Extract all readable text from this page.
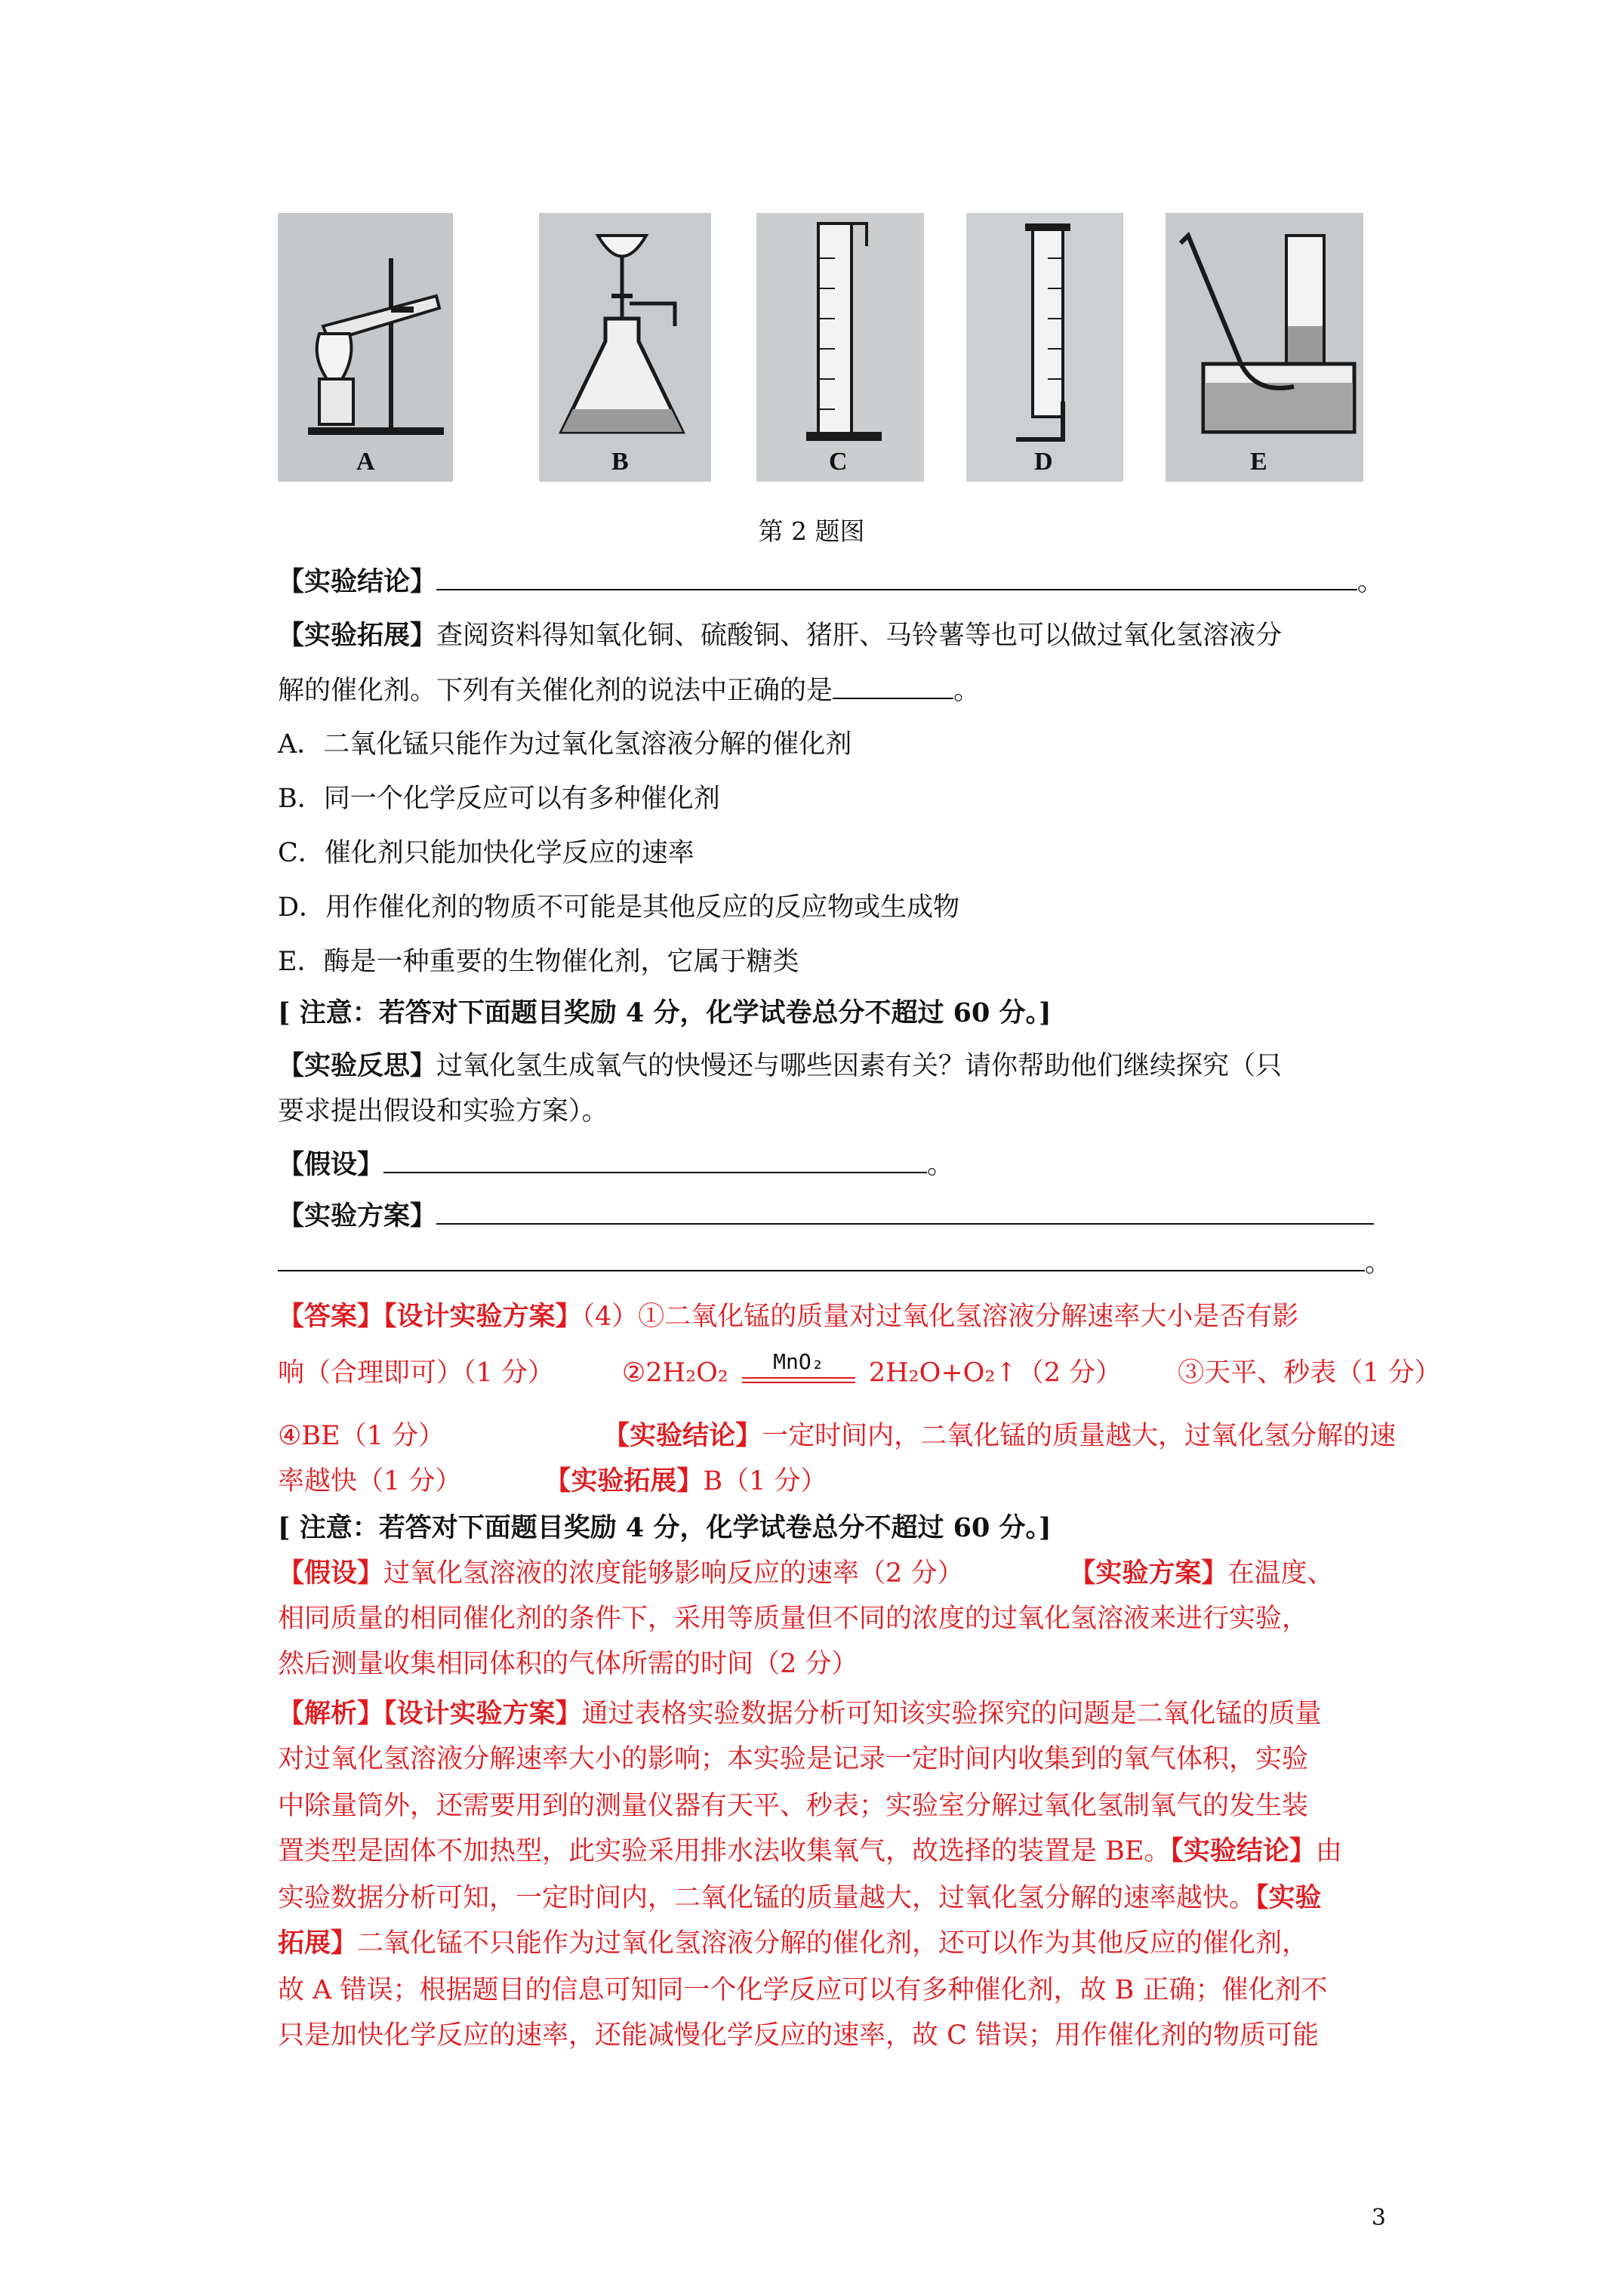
A	B	C	D	E
第 2 题图
【实验结论】	。
【实验拓展】查阅资料得知氧化铜、硫酸铜、猪肝、马铃薯等也可以做过氧化氢溶液分
解的催化剂。下列有关催化剂的说法中正确的是	。
A．二氧化锰只能作为过氧化氢溶液分解的催化剂
B．同一个化学反应可以有多种催化剂
C．催化剂只能加快化学反应的速率
D．用作催化剂的物质不可能是其他反应的反应物或生成物
E．酶是一种重要的生物催化剂，它属于糖类
[ 注意：若答对下面题目奖励 4 分，化学试卷总分不超过 60 分。]
【实验反思】过氧化氢生成氧气的快慢还与哪些因素有关？请你帮助他们继续探究（只
要求提出假设和实验方案）。
【假设】	。
【实验方案】
。
【答案】【设计实验方案】（4）①二氧化锰的质量对过氧化氢溶液分解速率大小是否有影
响（合理即可）（1 分）	②2H₂O₂	MnO₂	2H₂O+O₂↑（2 分） ③天平、秒表（1 分）
④BE（1 分）	【实验结论】一定时间内，二氧化锰的质量越大，过氧化氢分解的速
率越快（1 分）	【实验拓展】B（1 分）
[ 注意：若答对下面题目奖励 4 分，化学试卷总分不超过 60 分。]
【假设】过氧化氢溶液的浓度能够影响反应的速率（2 分）	【实验方案】在温度、
相同质量的相同催化剂的条件下，采用等质量但不同的浓度的过氧化氢溶液来进行实验，
然后测量收集相同体积的气体所需的时间（2 分）
【解析】【设计实验方案】通过表格实验数据分析可知该实验探究的问题是二氧化锰的质量
对过氧化氢溶液分解速率大小的影响；本实验是记录一定时间内收集到的氧气体积，实验
中除量筒外，还需要用到的测量仪器有天平、秒表；实验室分解过氧化氢制氧气的发生装
置类型是固体不加热型，此实验采用排水法收集氧气，故选择的装置是 BE。【实验结论】由
实验数据分析可知，一定时间内，二氧化锰的质量越大，过氧化氢分解的速率越快。【实验
拓展】二氧化锰不只能作为过氧化氢溶液分解的催化剂，还可以作为其他反应的催化剂，
故 A 错误；根据题目的信息可知同一个化学反应可以有多种催化剂，故 B 正确；催化剂不
只是加快化学反应的速率，还能减慢化学反应的速率，故 C 错误；用作催化剂的物质可能
3
